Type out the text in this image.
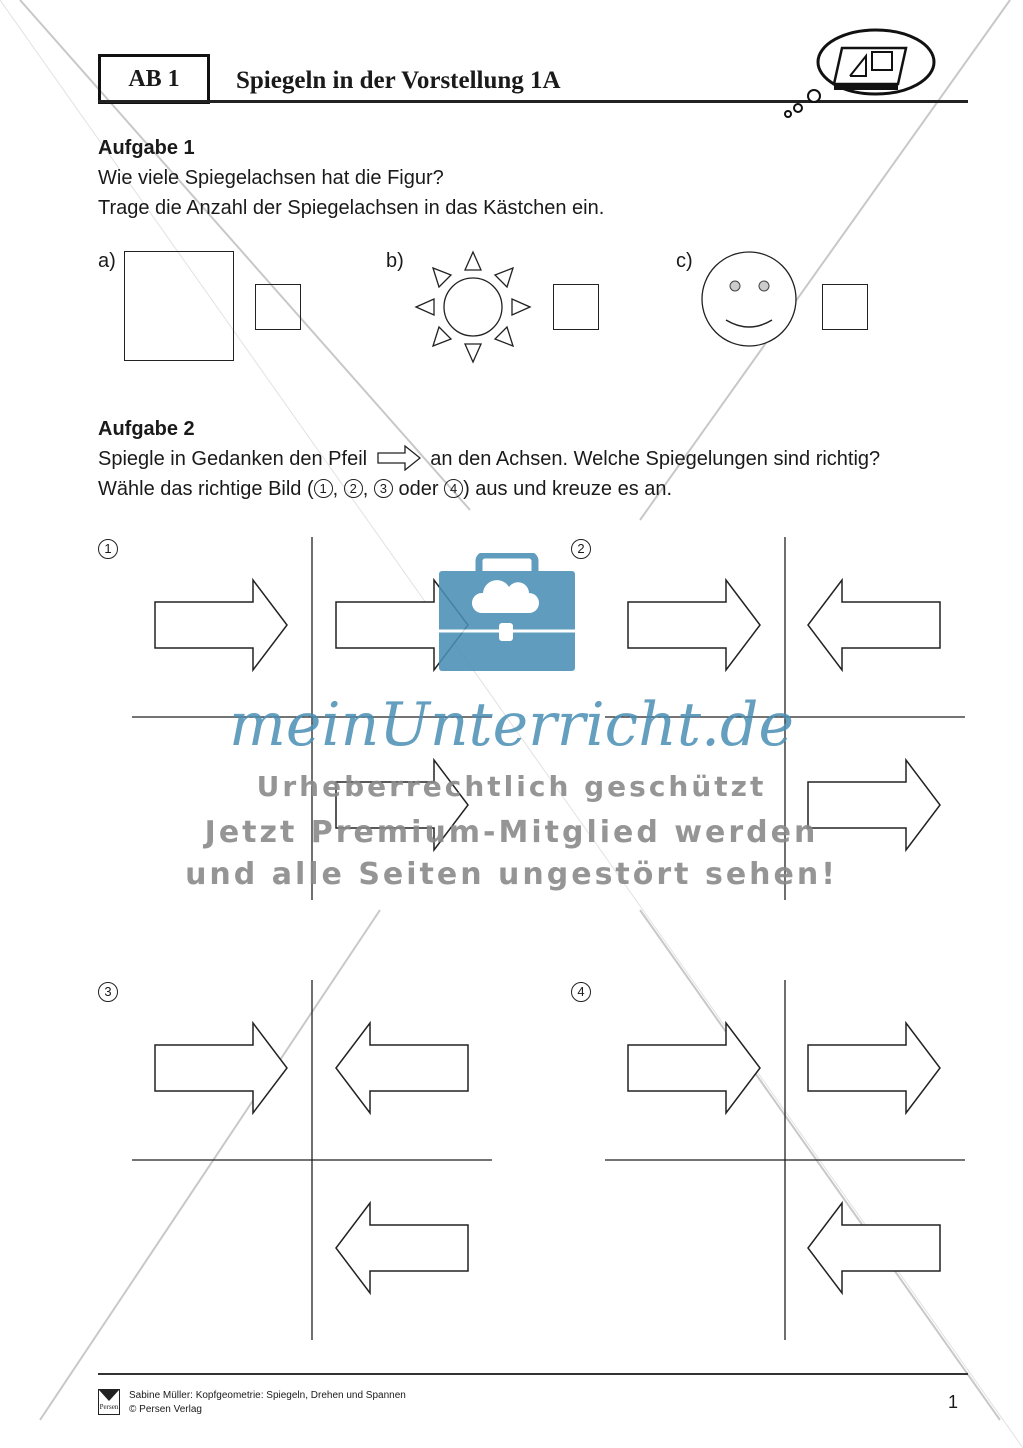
AB 1	Spiegeln in der Vorstellung 1A
Aufgabe 1
Wie viele Spiegelachsen hat die Figur?
Trage die Anzahl der Spiegelachsen in das Kästchen ein.
a)	b)	c)
Aufgabe 2
Spiegle in Gedanken den Pfeil	an den Achsen. Welche Spiegelungen sind richtig?
Wähle das richtige Bild ( 1 , 2 , 3 oder 4 ) aus und kreuze es an.
1	2
3	4
meinUnterricht.de
Urheberrechtlich geschützt
Jetzt Premium-Mitglied werden
und alle Seiten ungestört sehen!
Persen
Sabine Müller: Kopfgeometrie: Spiegeln, Drehen und Spannen
© Persen Verlag	1
